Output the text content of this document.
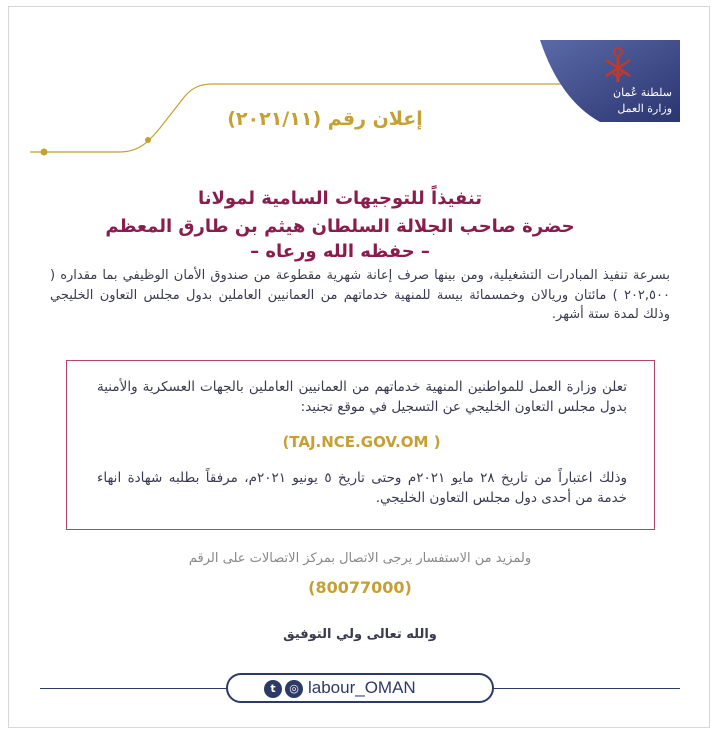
سلطنة عُمان
وزارة العمل
إعلان رقم (٢٠٢١/١١)
تنفيذاً للتوجيهات السامية لمولانا
حضرة صاحب الجلالة السلطان هيثم بن طارق المعظم
– حفظه الله ورعاه –
بسرعة تنفيذ المبادرات التشغيلية، ومن بينها صرف إعانة شهرية مقطوعة من صندوق الأمان الوظيفي بما مقداره ( ٢٠٢,٥٠٠ ) مائتان وريالان وخمسمائة بيسة للمنهية خدماتهم من العمانيين العاملين بدول مجلس التعاون الخليجي وذلك لمدة ستة أشهر.
تعلن وزارة العمل للمواطنين المنهية خدماتهم من العمانيين العاملين بالجهات العسكرية والأمنية بدول مجلس التعاون الخليجي عن التسجيل في موقع تجنيد:
(TAJ.NCE.GOV.OM )
وذلك اعتباراً من تاريخ ٢٨ مايو ٢٠٢١م وحتى تاريخ ٥ يونيو ٢٠٢١م، مرفقاً بطلبه شهادة انهاء خدمة من أحدى دول مجلس التعاون الخليجي.
ولمزيد من الاستفسار يرجى الاتصال بمركز الاتصالات على الرقم
(80077000)
والله تعالى ولي التوفيق
t	◎ labour_OMAN
